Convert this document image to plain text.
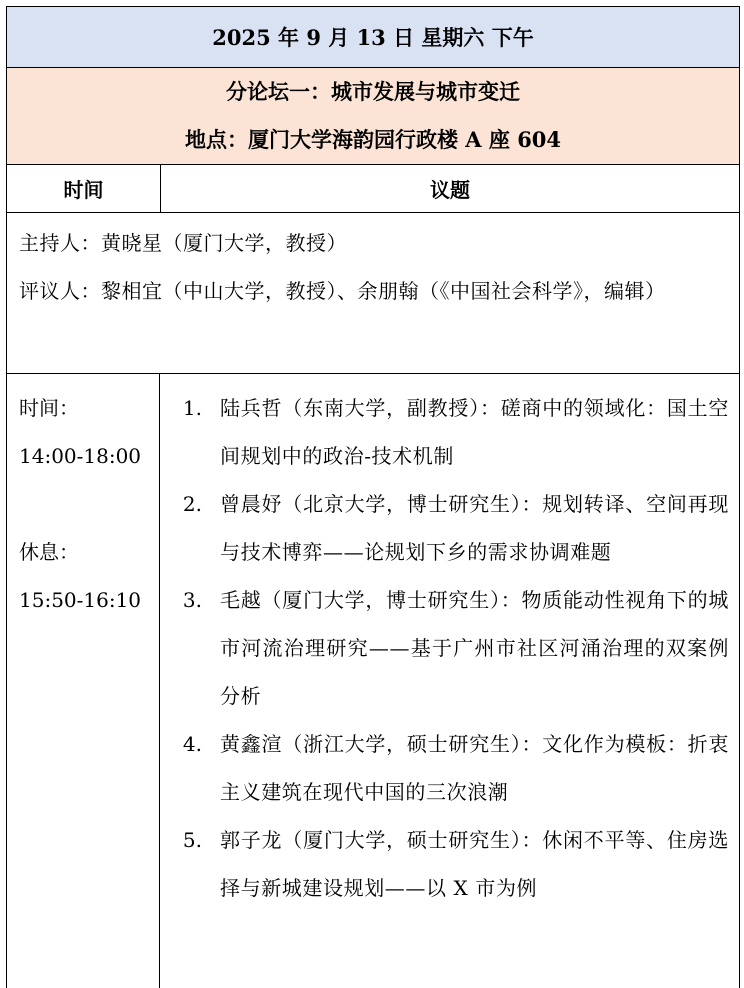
2025 年 9 月 13 日 星期六 下午
分论坛一：城市发展与城市变迁
地点：厦门大学海韵园行政楼 A 座 604
时间	议题
主持人：黄晓星（厦门大学，教授）
评议人：黎相宜（中山大学，教授）、余朋翰（《中国社会科学》，编辑）
时间：
14:00-18:00
休息：
15:50-16:10
1. 陆兵哲（东南大学，副教授）：磋商中的领域化：国土空间规划中的政治-技术机制
2. 曾晨妤（北京大学，博士研究生）：规划转译、空间再现与技术博弈——论规划下乡的需求协调难题
3. 毛越（厦门大学，博士研究生）：物质能动性视角下的城市河流治理研究——基于广州市社区河涌治理的双案例分析
4. 黄鑫渲（浙江大学，硕士研究生）：文化作为模板：折衷主义建筑在现代中国的三次浪潮
5. 郭子龙（厦门大学，硕士研究生）：休闲不平等、住房选择与新城建设规划——以 X 市为例
